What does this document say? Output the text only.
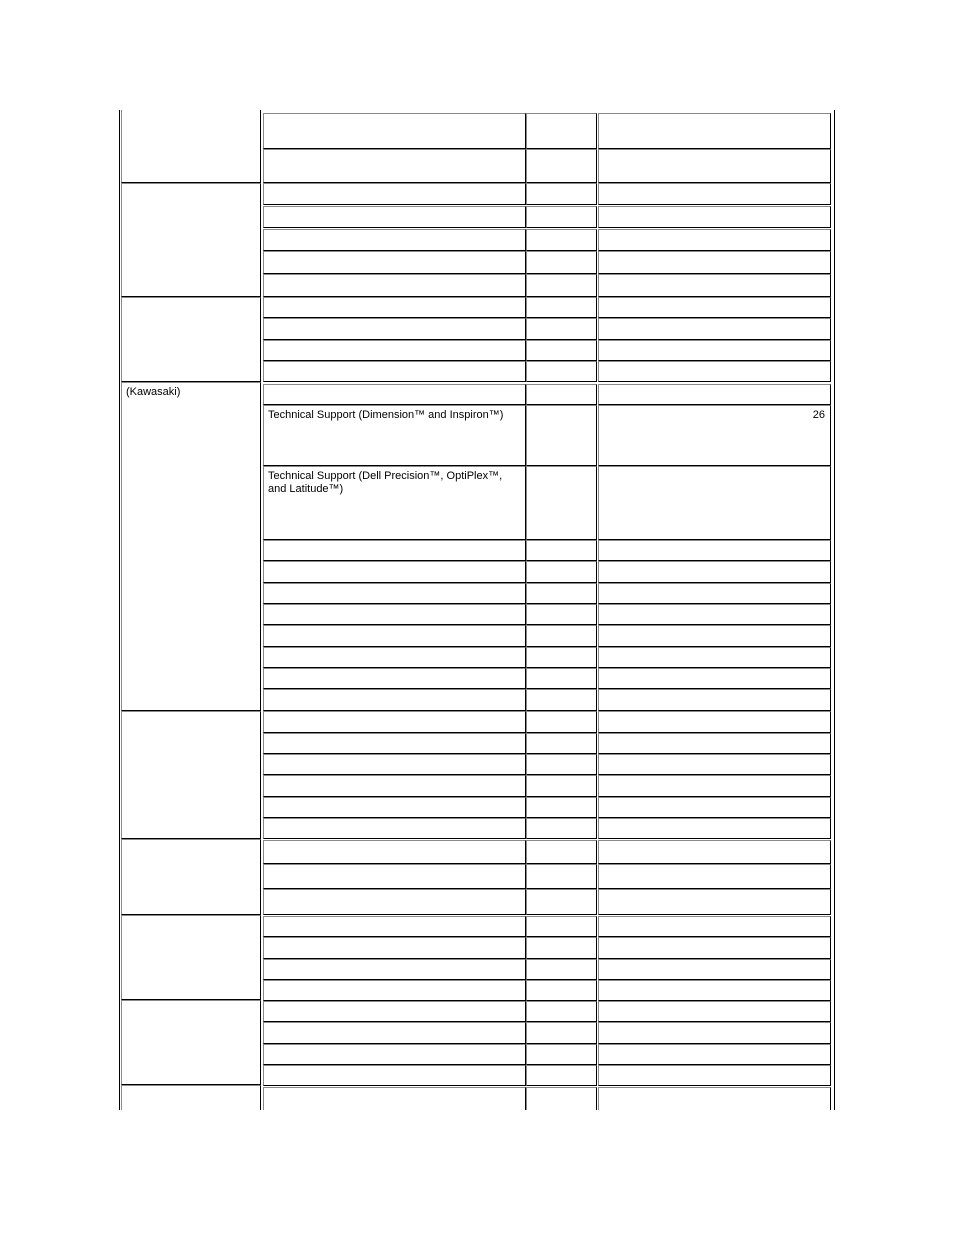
(Kawasaki)
Technical Support (Dimension™ and Inspiron™)	26
Technical Support (Dell Precision™, OptiPlex™, and Latitude™)
